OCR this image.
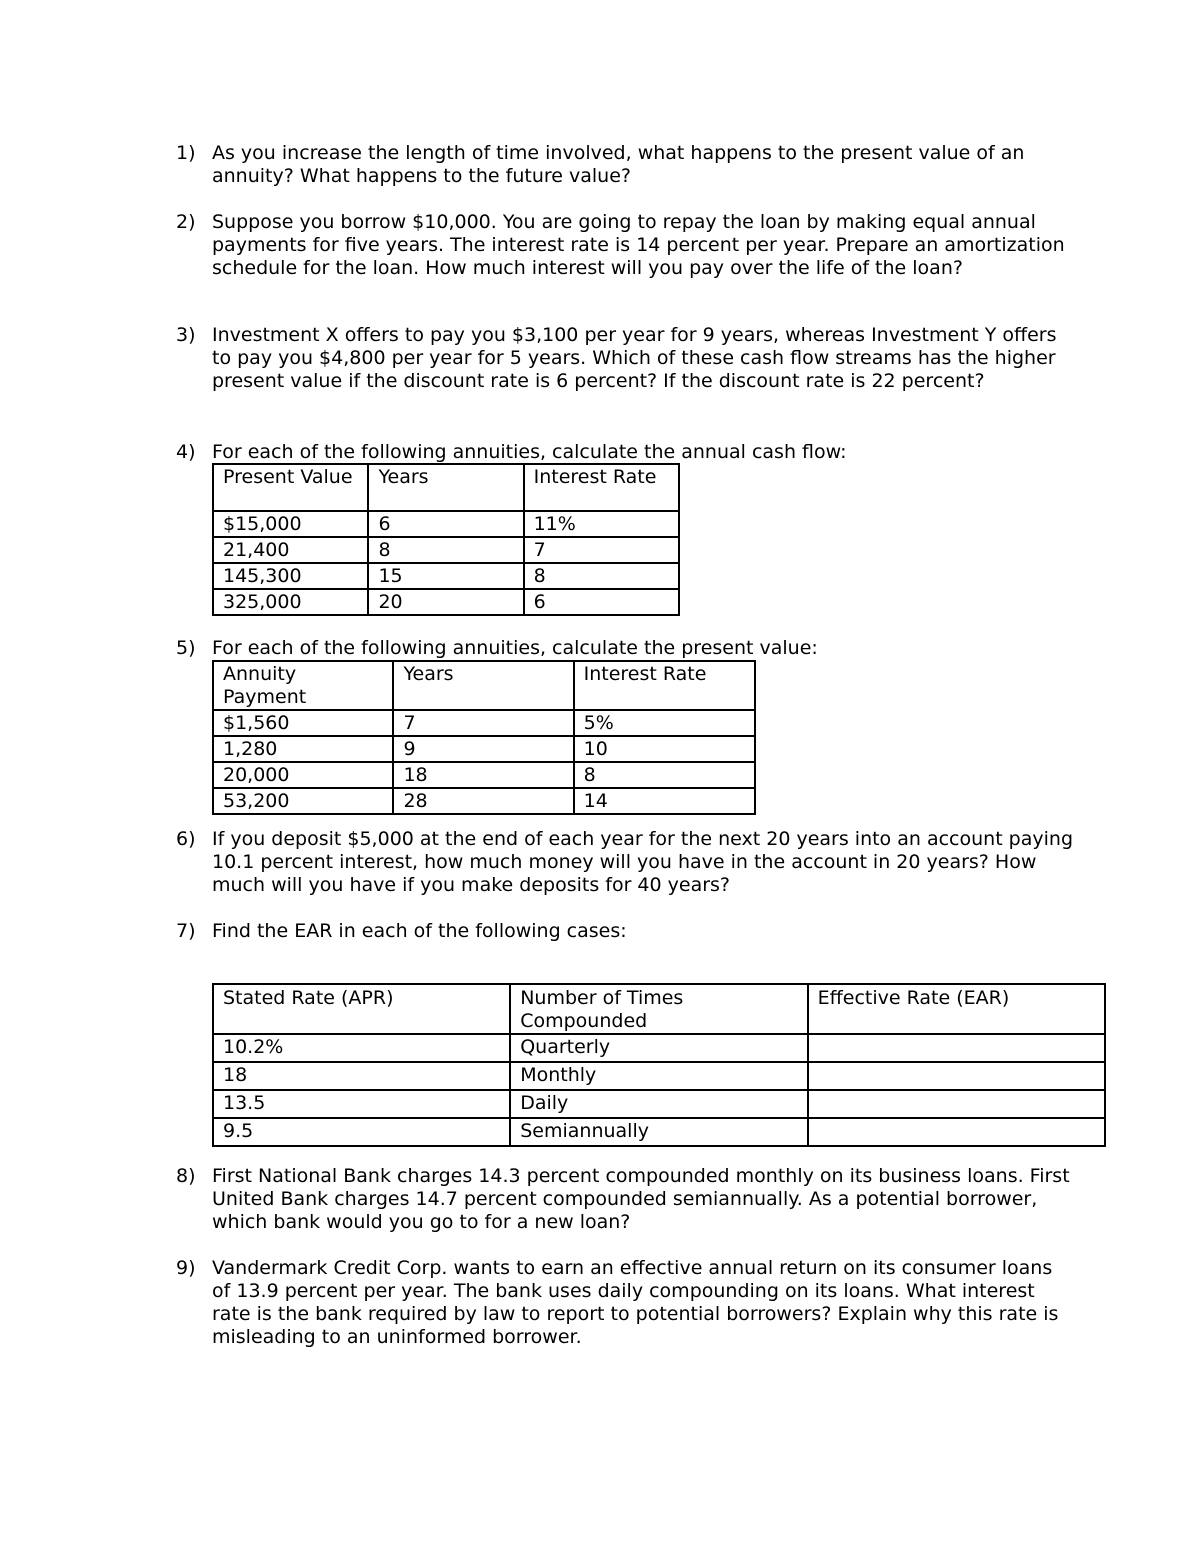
1) As you increase the length of time involved, what happens to the present value of an annuity? What happens to the future value?
2) Suppose you borrow $10,000. You are going to repay the loan by making equal annual payments for five years. The interest rate is 14 percent per year. Prepare an amortization schedule for the loan. How much interest will you pay over the life of the loan?
3) Investment X offers to pay you $3,100 per year for 9 years, whereas Investment Y offers to pay you $4,800 per year for 5 years. Which of these cash flow streams has the higher present value if the discount rate is 6 percent? If the discount rate is 22 percent?
4) For each of the following annuities, calculate the annual cash flow:
Present Value	Years	Interest Rate
$15,000	6	11%
21,400	8	7
145,300	15	8
325,000	20	6
5) For each of the following annuities, calculate the present value:
Annuity Payment	Years	Interest Rate
$1,560	7	5%
1,280	9	10
20,000	18	8
53,200	28	14
6) If you deposit $5,000 at the end of each year for the next 20 years into an account paying 10.1 percent interest, how much money will you have in the account in 20 years? How much will you have if you make deposits for 40 years?
7) Find the EAR in each of the following cases:
Stated Rate (APR)	Number of Times Compounded	Effective Rate (EAR)
10.2%	Quarterly	
18	Monthly	
13.5	Daily	
9.5	Semiannually	
8) First National Bank charges 14.3 percent compounded monthly on its business loans. First United Bank charges 14.7 percent compounded semiannually. As a potential borrower, which bank would you go to for a new loan?
9) Vandermark Credit Corp. wants to earn an effective annual return on its consumer loans of 13.9 percent per year. The bank uses daily compounding on its loans. What interest rate is the bank required by law to report to potential borrowers? Explain why this rate is misleading to an uninformed borrower.
